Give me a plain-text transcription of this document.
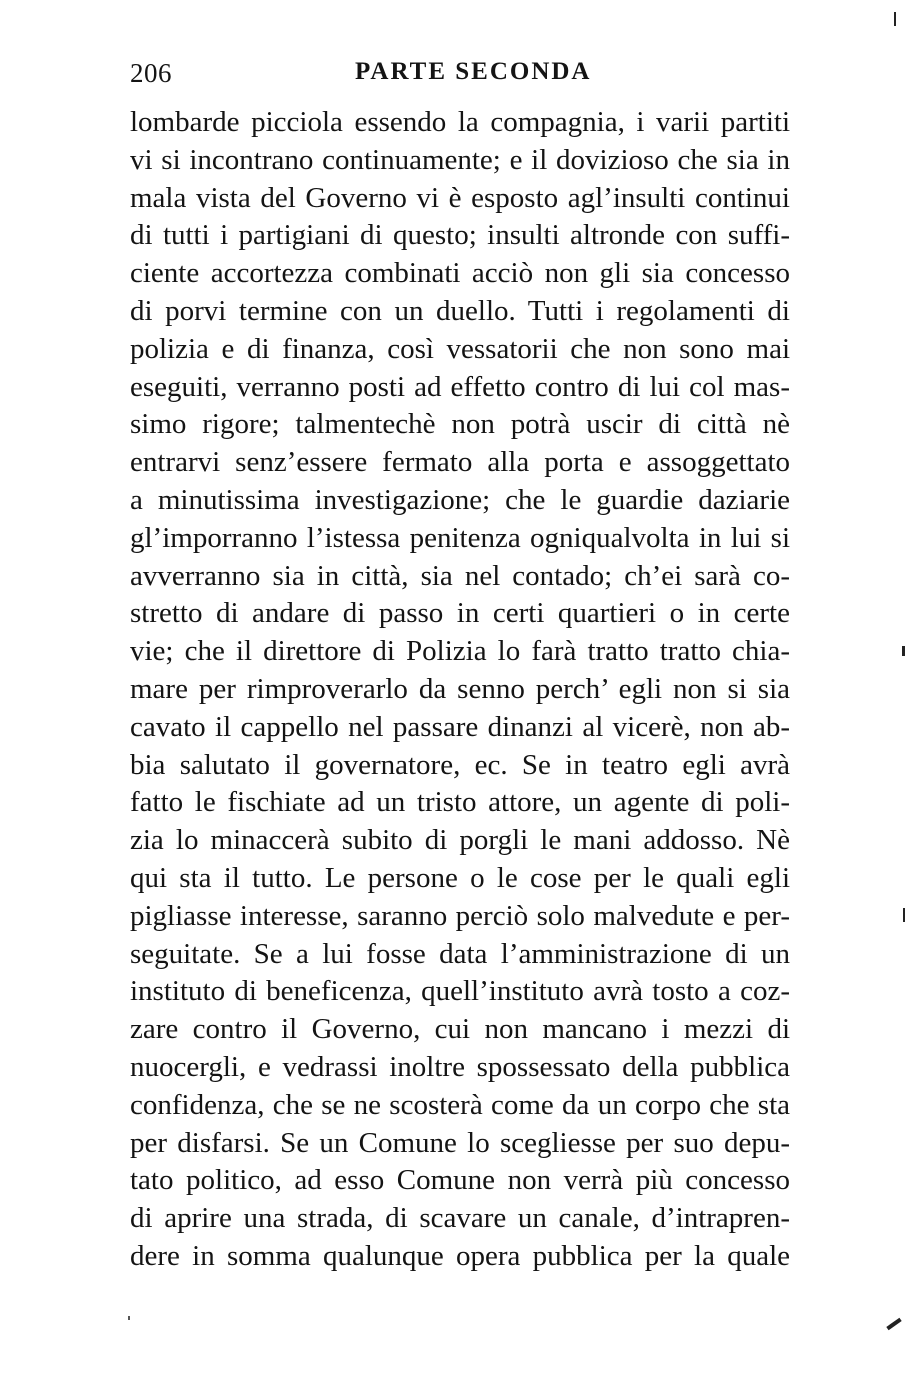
206	PARTE SECONDA
lombarde picciola essendo la compagnia, i varii partiti
vi si incontrano continuamente; e il dovizioso che sia in
mala vista del Governo vi è esposto agl’insulti continui
di tutti i partigiani di questo; insulti altronde con suffi-
ciente accortezza combinati acciò non gli sia concesso
di porvi termine con un duello. Tutti i regolamenti di
polizia e di finanza, così vessatorii che non sono mai
eseguiti, verranno posti ad effetto contro di lui col mas-
simo rigore; talmentechè non potrà uscir di città nè
entrarvi senz’essere fermato alla porta e assoggettato
a minutissima investigazione; che le guardie daziarie
gl’imporranno l’istessa penitenza ogniqualvolta in lui si
avverranno sia in città, sia nel contado; ch’ei sarà co-
stretto di andare di passo in certi quartieri o in certe
vie; che il direttore di Polizia lo farà tratto tratto chia-
mare per rimproverarlo da senno perch’ egli non si sia
cavato il cappello nel passare dinanzi al vicerè, non ab-
bia salutato il governatore, ec. Se in teatro egli avrà
fatto le fischiate ad un tristo attore, un agente di poli-
zia lo minaccerà subito di porgli le mani addosso. Nè
qui sta il tutto. Le persone o le cose per le quali egli
pigliasse interesse, saranno perciò solo malvedute e per-
seguitate. Se a lui fosse data l’amministrazione di un
instituto di beneficenza, quell’instituto avrà tosto a coz-
zare contro il Governo, cui non mancano i mezzi di
nuocergli, e vedrassi inoltre spossessato della pubblica
confidenza, che se ne scosterà come da un corpo che sta
per disfarsi. Se un Comune lo scegliesse per suo depu-
tato politico, ad esso Comune non verrà più concesso
di aprire una strada, di scavare un canale, d’intrapren-
dere in somma qualunque opera pubblica per la quale
